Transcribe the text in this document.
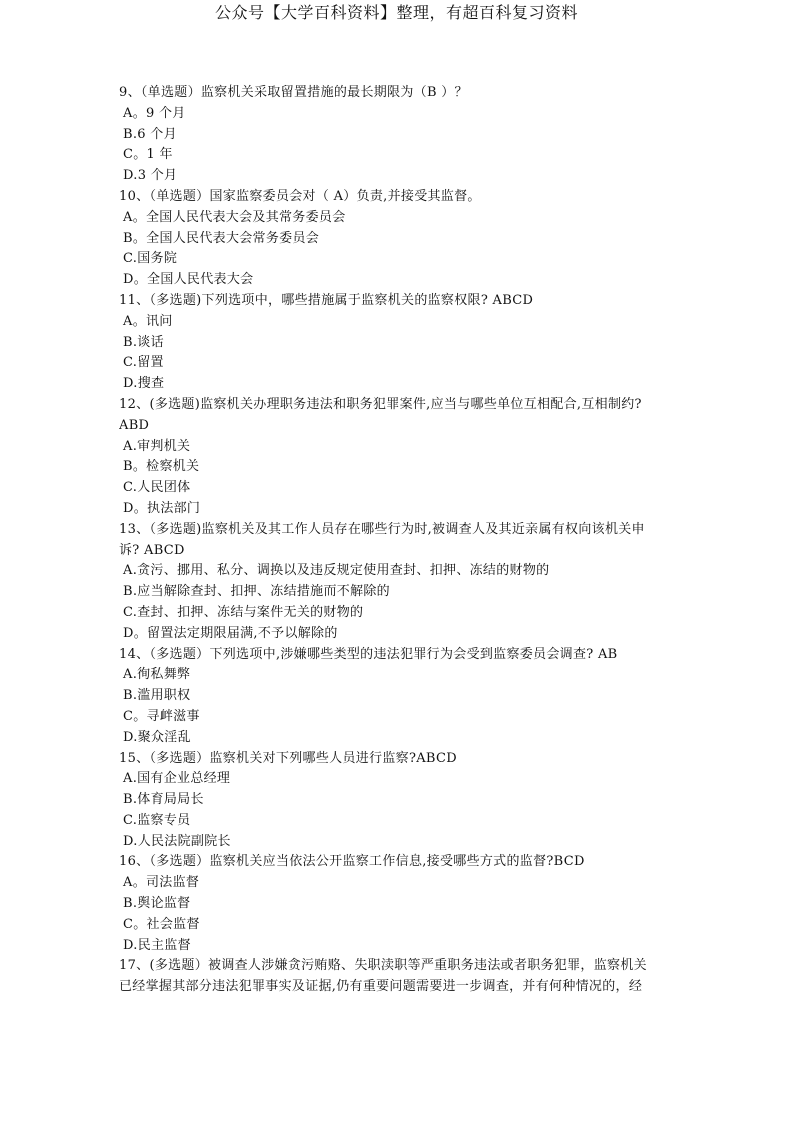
公众号【大学百科资料】整理，有超百科复习资料
9、（单选题）监察机关采取留置措施的最长期限为（B ）？
A。9 个月
B.6 个月
C。1 年
D.3 个月
10、（单选题）国家监察委员会对（ A）负责,并接受其监督。
A。全国人民代表大会及其常务委员会
B。全国人民代表大会常务委员会
C.国务院
D。全国人民代表大会
11、（多选题)下列选项中，哪些措施属于监察机关的监察权限? ABCD
A。讯问
B.谈话
C.留置
D.搜查
12、(多选题)监察机关办理职务违法和职务犯罪案件,应当与哪些单位互相配合,互相制约?
ABD
A.审判机关
B。检察机关
C.人民团体
D。执法部门
13、（多选题)监察机关及其工作人员存在哪些行为时,被调查人及其近亲属有权向该机关申
诉? ABCD
A.贪污、挪用、私分、调换以及违反规定使用查封、扣押、冻结的财物的
B.应当解除查封、扣押、冻结措施而不解除的
C.查封、扣押、冻结与案件无关的财物的
D。留置法定期限届满,不予以解除的
14、（多选题）下列选项中,涉嫌哪些类型的违法犯罪行为会受到监察委员会调查? AB
A.徇私舞弊
B.滥用职权
C。寻衅滋事
D.聚众淫乱
15、（多选题）监察机关对下列哪些人员进行监察?ABCD
A.国有企业总经理
B.体育局局长
C.监察专员
D.人民法院副院长
16、（多选题）监察机关应当依法公开监察工作信息,接受哪些方式的监督?BCD
A。司法监督
B.舆论监督
C。社会监督
D.民主监督
17、(多选题）被调查人涉嫌贪污贿赂、失职渎职等严重职务违法或者职务犯罪，监察机关
已经掌握其部分违法犯罪事实及证据,仍有重要问题需要进一步调查，并有何种情况的，经
